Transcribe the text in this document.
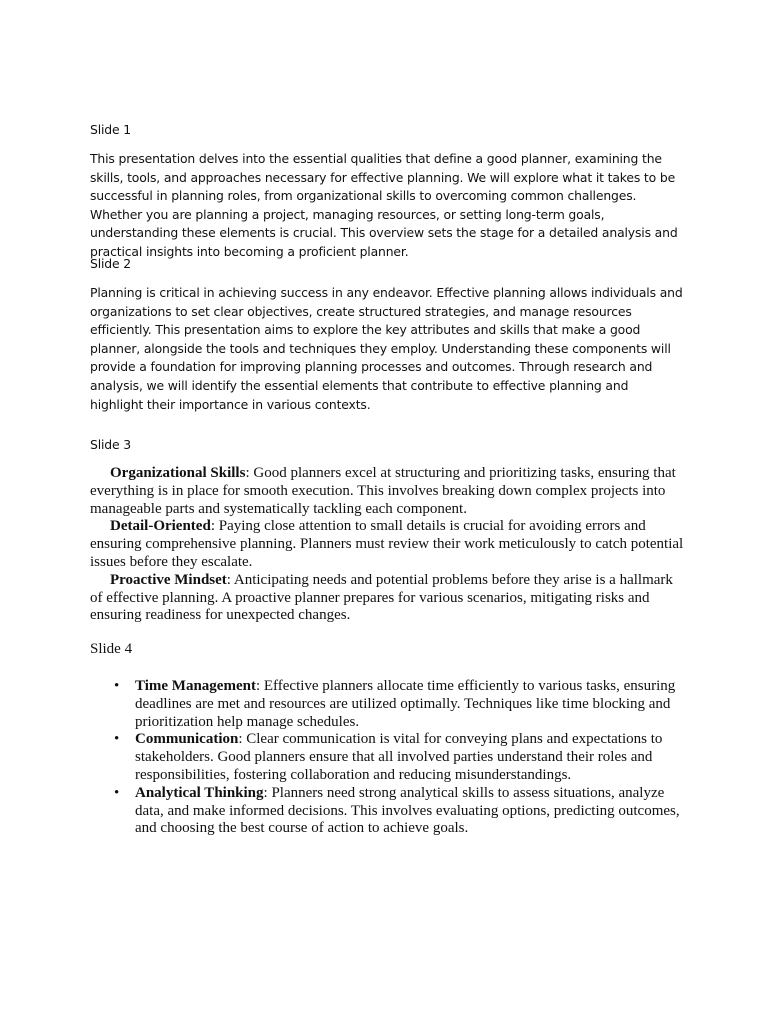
Slide 1

This presentation delves into the essential qualities that define a good planner, examining the skills, tools, and approaches necessary for effective planning. We will explore what it takes to be successful in planning roles, from organizational skills to overcoming common challenges. Whether you are planning a project, managing resources, or setting long-term goals, understanding these elements is crucial. This overview sets the stage for a detailed analysis and practical insights into becoming a proficient planner.

Slide 2

Planning is critical in achieving success in any endeavor. Effective planning allows individuals and organizations to set clear objectives, create structured strategies, and manage resources efficiently. This presentation aims to explore the key attributes and skills that make a good planner, alongside the tools and techniques they employ. Understanding these components will provide a foundation for improving planning processes and outcomes. Through research and analysis, we will identify the essential elements that contribute to effective planning and highlight their importance in various contexts.

Slide 3

Organizational Skills: Good planners excel at structuring and prioritizing tasks, ensuring that everything is in place for smooth execution. This involves breaking down complex projects into manageable parts and systematically tackling each component.

Detail-Oriented: Paying close attention to small details is crucial for avoiding errors and ensuring comprehensive planning. Planners must review their work meticulously to catch potential issues before they escalate.

Proactive Mindset: Anticipating needs and potential problems before they arise is a hallmark of effective planning. A proactive planner prepares for various scenarios, mitigating risks and ensuring readiness for unexpected changes.

Slide 4

• Time Management: Effective planners allocate time efficiently to various tasks, ensuring deadlines are met and resources are utilized optimally. Techniques like time blocking and prioritization help manage schedules.
• Communication: Clear communication is vital for conveying plans and expectations to stakeholders. Good planners ensure that all involved parties understand their roles and responsibilities, fostering collaboration and reducing misunderstandings.
• Analytical Thinking: Planners need strong analytical skills to assess situations, analyze data, and make informed decisions. This involves evaluating options, predicting outcomes, and choosing the best course of action to achieve goals.
